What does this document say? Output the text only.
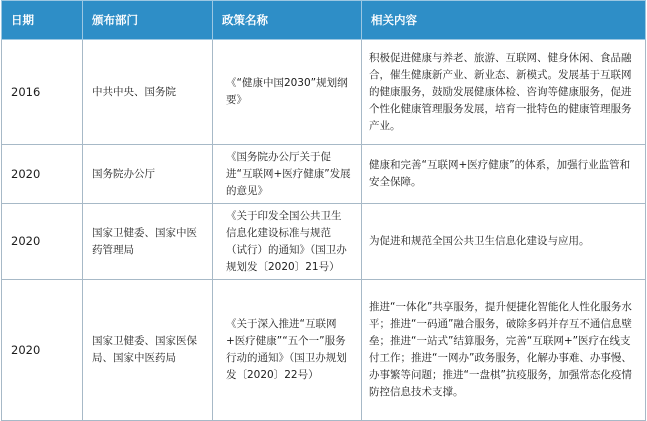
日期	颁布部门	政策名称	相关内容
2016	中共中央、国务院	《“健康中国2030”规划纲要》	积极促进健康与养老、旅游、互联网、健身休闲、食品融合，催生健康新产业、新业态、新模式。发展基于互联网的健康服务，鼓励发展健康体检、咨询等健康服务，促进个性化健康管理服务发展，培育一批特色的健康管理服务产业。
2020	国务院办公厅	《国务院办公厅关于促进“互联网+医疗健康”发展的意见》	健康和完善“互联网+医疗健康”的体系，加强行业监管和安全保障。
2020	国家卫健委、国家中医药管理局	《关于印发全国公共卫生信息化建设标准与规范（试行）的通知》（国卫办规划发〔2020〕21号）	为促进和规范全国公共卫生信息化建设与应用。
2020	国家卫健委、国家医保局、国家中医药局	《关于深入推进“互联网+医疗健康”“五个一”服务行动的通知》（国卫办规划发〔2020〕22号）	推进“一体化”共享服务，提升便捷化智能化人性化服务水平；推进“一码通”融合服务，破除多码并存互不通信息壁垒；推进“一站式”结算服务，完善“互联网+”医疗在线支付工作；推进“一网办”政务服务，化解办事难、办事慢、办事繁等问题；推进“一盘棋”抗疫服务，加强常态化疫情防控信息技术支撑。
